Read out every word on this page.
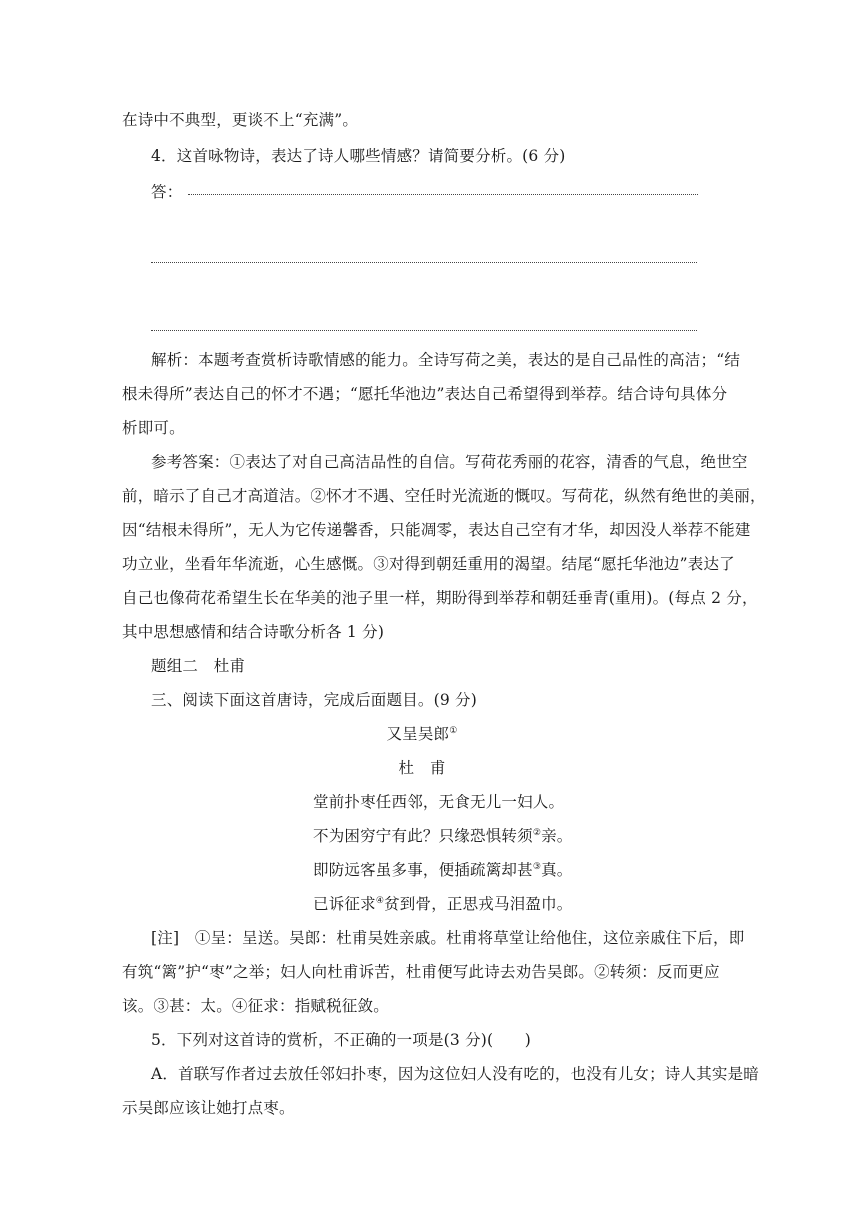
在诗中不典型，更谈不上“充满”。
4．这首咏物诗，表达了诗人哪些情感？请简要分析。(6 分)
答：
解析：本题考查赏析诗歌情感的能力。全诗写荷之美，表达的是自己品性的高洁；“结
根未得所”表达自己的怀才不遇；“愿托华池边”表达自己希望得到举荐。结合诗句具体分
析即可。
参考答案：①表达了对自己高洁品性的自信。写荷花秀丽的花容，清香的气息，绝世空
前，暗示了自己才高道洁。②怀才不遇、空任时光流逝的慨叹。写荷花，纵然有绝世的美丽，
因“结根未得所”，无人为它传递馨香，只能凋零，表达自己空有才华，却因没人举荐不能建
功立业，坐看年华流逝，心生感慨。③对得到朝廷重用的渴望。结尾“愿托华池边”表达了
自己也像荷花希望生长在华美的池子里一样，期盼得到举荐和朝廷垂青(重用)。(每点 2 分，
其中思想感情和结合诗歌分析各 1 分)
题组二　杜甫
三、阅读下面这首唐诗，完成后面题目。(9 分)
又呈吴郎①
杜　甫
堂前扑枣任西邻，无食无儿一妇人。
不为困穷宁有此？只缘恐惧转须②亲。
即防远客虽多事，便插疏篱却甚③真。
已诉征求④贫到骨，正思戎马泪盈巾。
[注]　①呈：呈送。吴郎：杜甫吴姓亲戚。杜甫将草堂让给他住，这位亲戚住下后，即
有筑“篱”护“枣”之举；妇人向杜甫诉苦，杜甫便写此诗去劝告吴郎。②转须：反而更应
该。③甚：太。④征求：指赋税征敛。
5．下列对这首诗的赏析，不正确的一项是(3 分)(　　)
A．首联写作者过去放任邻妇扑枣，因为这位妇人没有吃的，也没有儿女；诗人其实是暗
示吴郎应该让她打点枣。
